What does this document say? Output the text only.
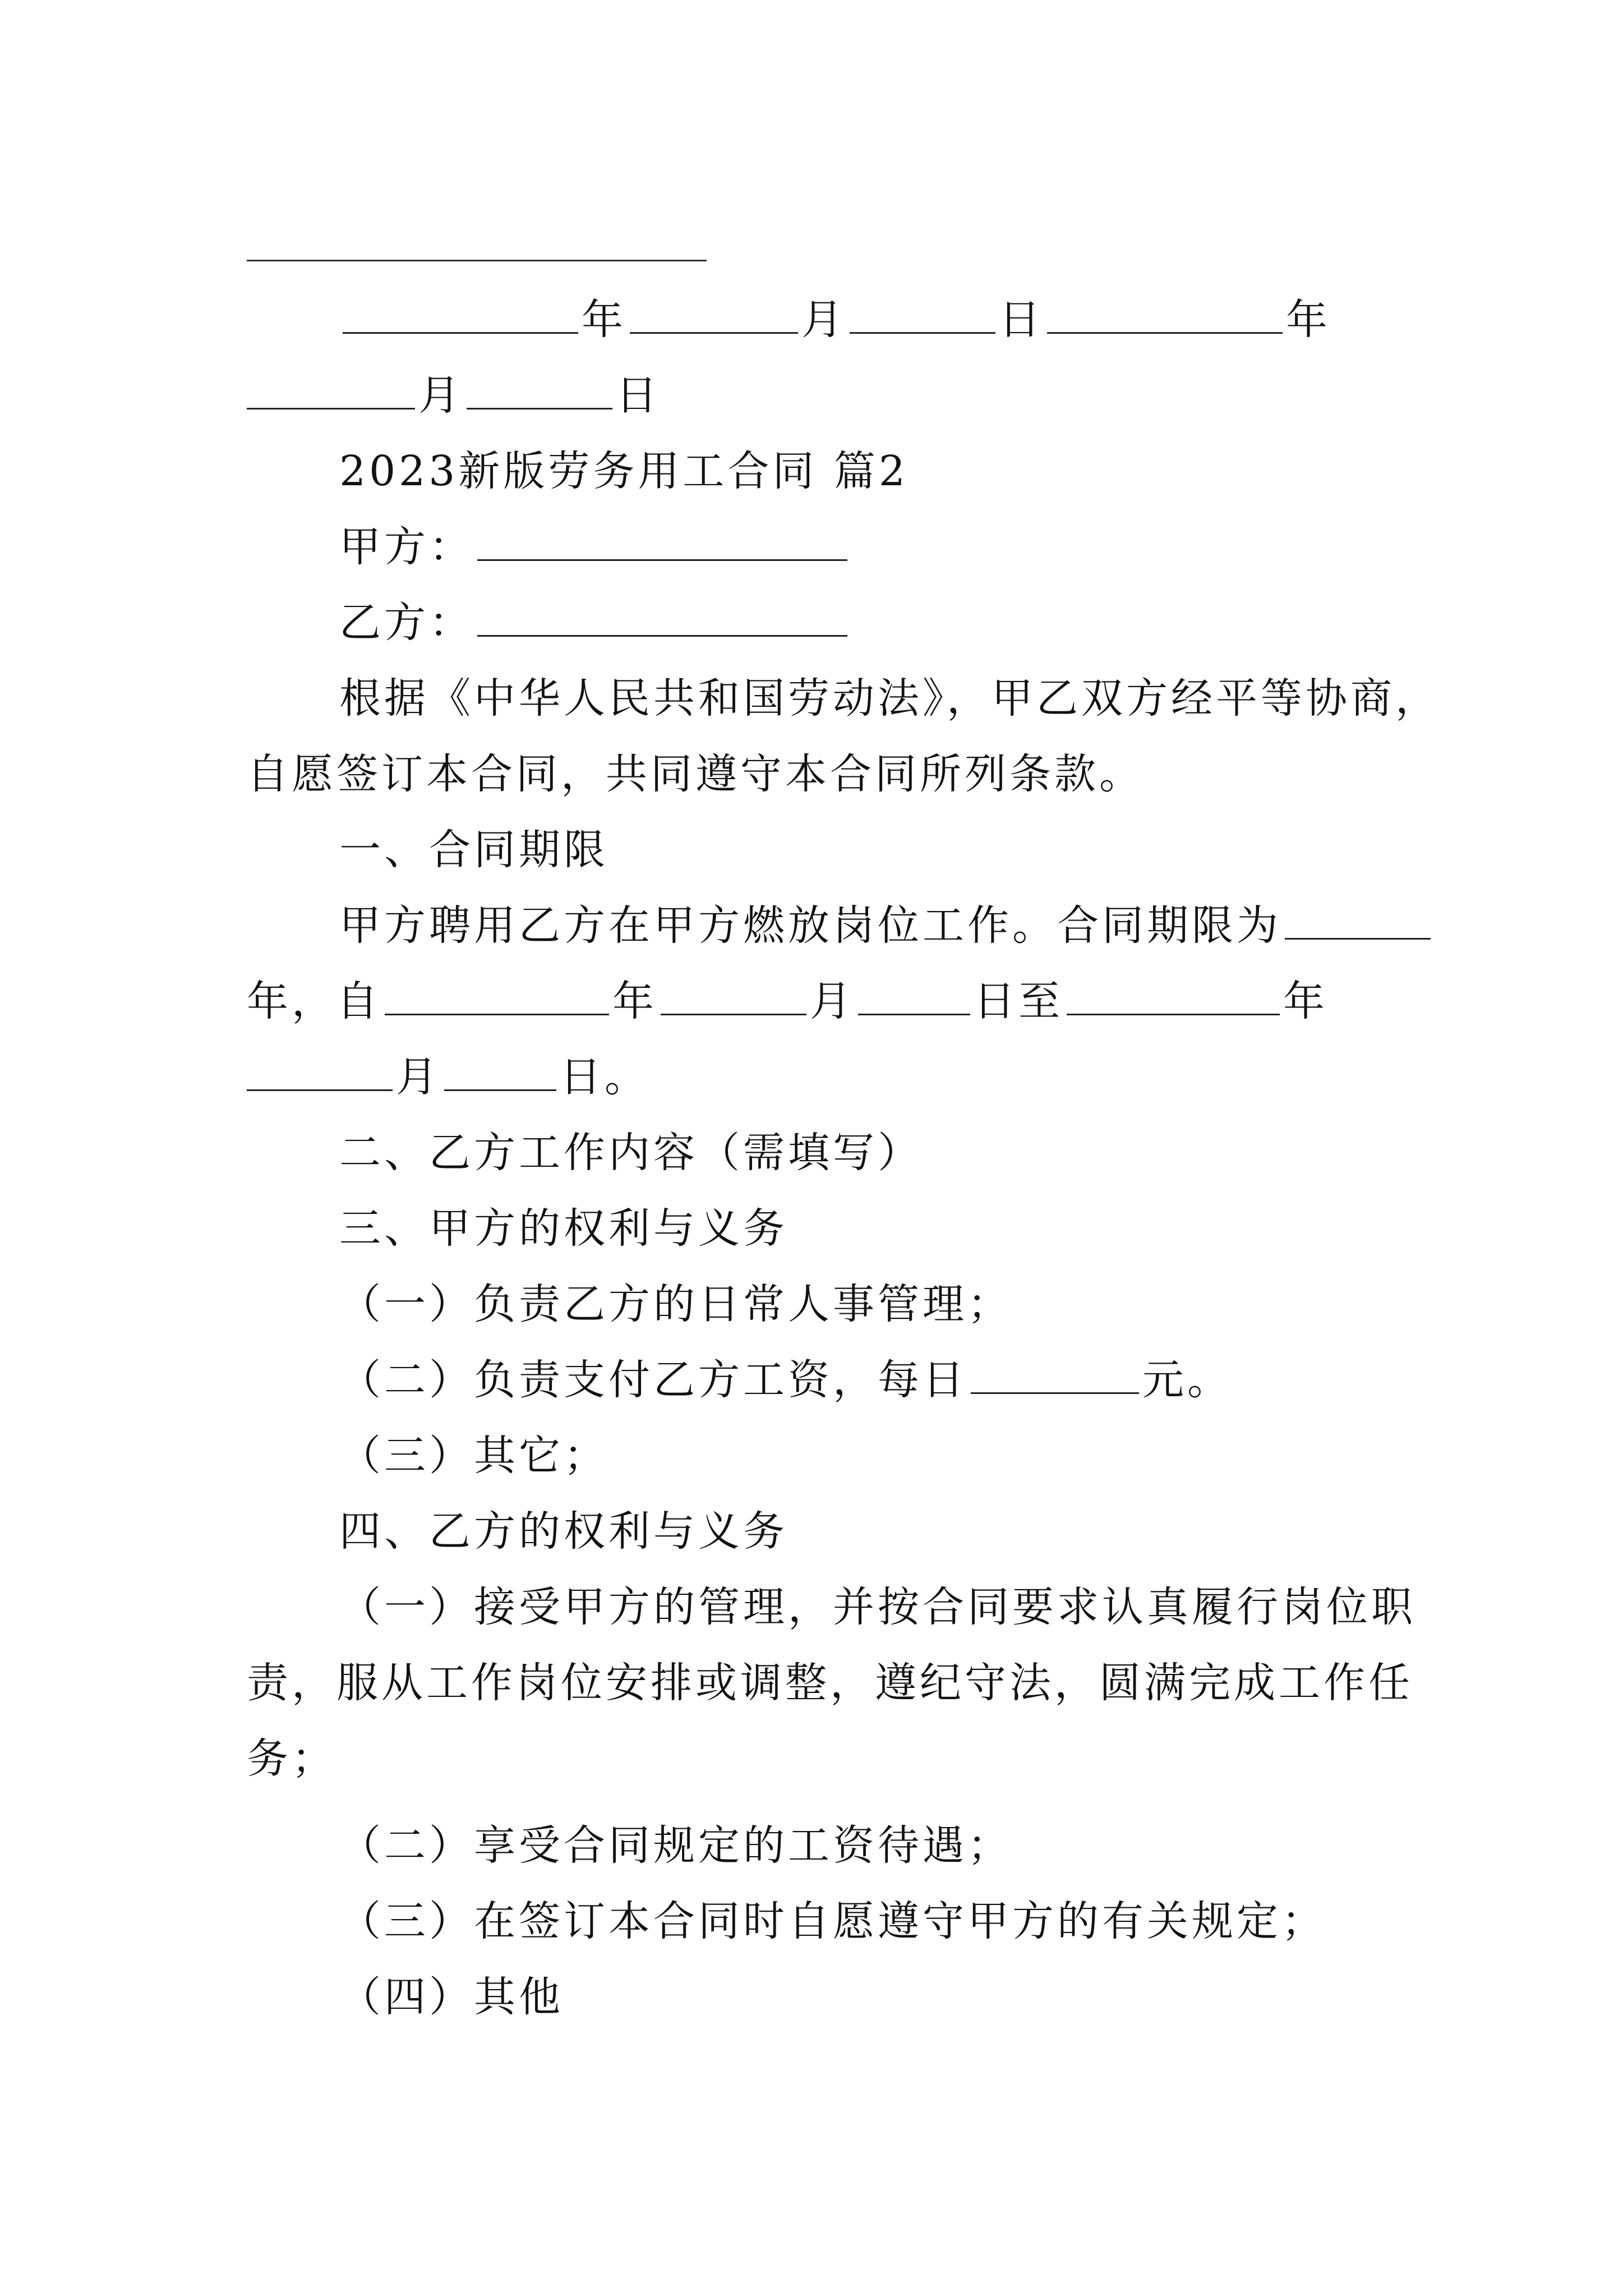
年	月	日	年
月	日
2023新版劳务用工合同 篇2
甲方：
乙方：
根据《中华人民共和国劳动法》，甲乙双方经平等协商，
自愿签订本合同，共同遵守本合同所列条款。
一、合同期限
甲方聘用乙方在甲方燃放岗位工作。合同期限为
年，自	年	月	日至	年
月	日。
二、乙方工作内容（需填写）
三、甲方的权利与义务
（一）负责乙方的日常人事管理；
（二）负责支付乙方工资，每日	元。
（三）其它；
四、乙方的权利与义务
（一）接受甲方的管理，并按合同要求认真履行岗位职
责，服从工作岗位安排或调整，遵纪守法，圆满完成工作任
务；
（二）享受合同规定的工资待遇；
（三）在签订本合同时自愿遵守甲方的有关规定；
（四）其他
